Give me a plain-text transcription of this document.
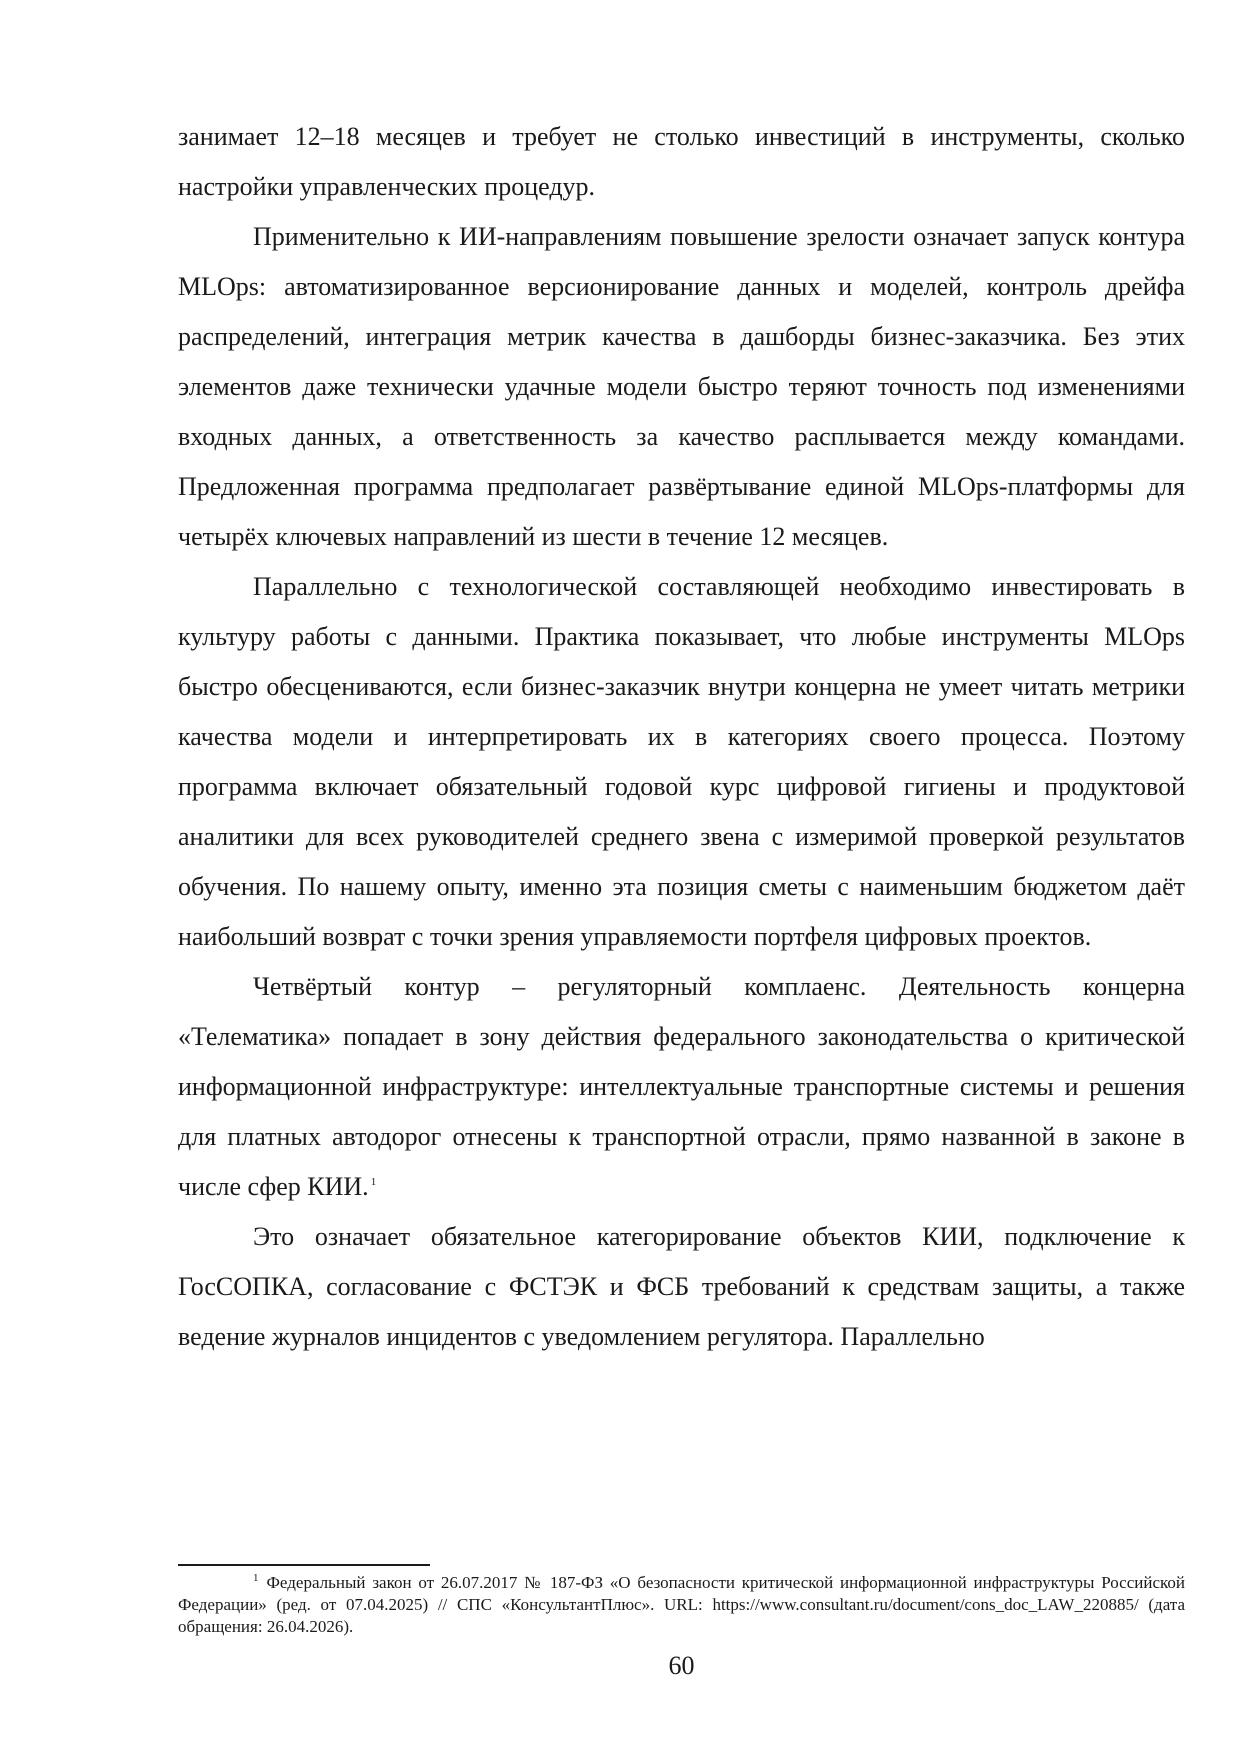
занимает 12–18 месяцев и требует не столько инвестиций в инструменты, сколько настройки управленческих процедур.

Применительно к ИИ-направлениям повышение зрелости означает запуск контура MLOps: автоматизированное версионирование данных и моделей, контроль дрейфа распределений, интеграция метрик качества в дашборды бизнес-заказчика. Без этих элементов даже технически удачные модели быстро теряют точность под изменениями входных данных, а ответственность за качество расплывается между командами. Предложенная программа предполагает развёртывание единой MLOps-платформы для четырёх ключевых направлений из шести в течение 12 месяцев.

Параллельно с технологической составляющей необходимо инвестировать в культуру работы с данными. Практика показывает, что любые инструменты MLOps быстро обесцениваются, если бизнес-заказчик внутри концерна не умеет читать метрики качества модели и интерпретировать их в категориях своего процесса. Поэтому программа включает обязательный годовой курс цифровой гигиены и продуктовой аналитики для всех руководителей среднего звена с измеримой проверкой результатов обучения. По нашему опыту, именно эта позиция сметы с наименьшим бюджетом даёт наибольший возврат с точки зрения управляемости портфеля цифровых проектов.

Четвёртый контур – регуляторный комплаенс. Деятельность концерна «Телематика» попадает в зону действия федерального законодательства о критической информационной инфраструктуре: интеллектуальные транспортные системы и решения для платных автодорог отнесены к транспортной отрасли, прямо названной в законе в числе сфер КИИ. $^1$

Это означает обязательное категорирование объектов КИИ, подключение к ГосСОПКА, согласование с ФСТЭК и ФСБ требований к средствам защиты, а также ведение журналов инцидентов с уведомлением регулятора. Параллельно

$^1$ Федеральный закон от 26.07.2017 № 187-ФЗ «О безопасности критической информационной инфраструктуры Российской Федерации» (ред. от 07.04.2025) // СПС «КонсультантПлюс». URL: https://www.consultant.ru/document/cons_doc_LAW_220885/ (дата обращения: 26.04.2026).

60
